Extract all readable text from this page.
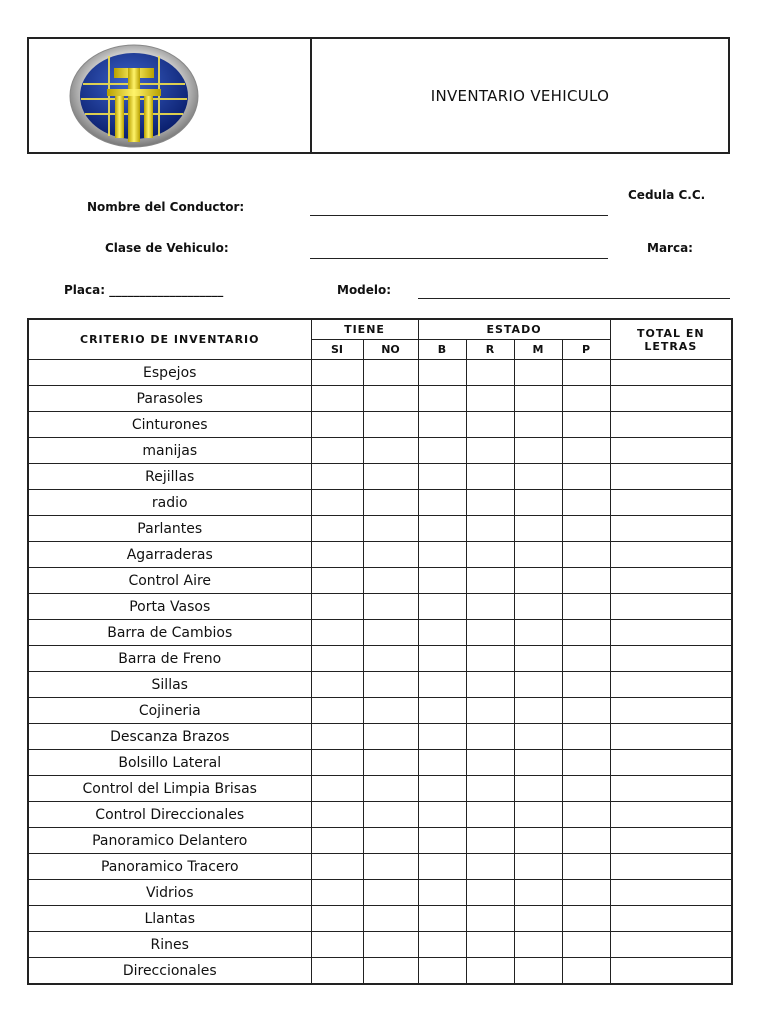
INVENTARIO VEHICULO
Nombre del Conductor:
Cedula C.C.
Clase de Vehiculo:	Marca:
Placa: ___________________	Modelo:
CRITERIO DE INVENTARIO	TIENE		ESTADO				TOTAL EN
LETRAS

	SI	NO	B	R	M	P	
Espejos							
Parasoles							
Cinturones							
manijas							
Rejillas							
radio							
Parlantes							
Agarraderas							
Control Aire							
Porta Vasos							
Barra de Cambios							
Barra de Freno							
Sillas							
Cojineria							
Descanza Brazos							
Bolsillo Lateral							
Control del Limpia Brisas							
Control Direccionales							
Panoramico Delantero							
Panoramico Tracero							
Vidrios							
Llantas							
Rines							
Direccionales							
